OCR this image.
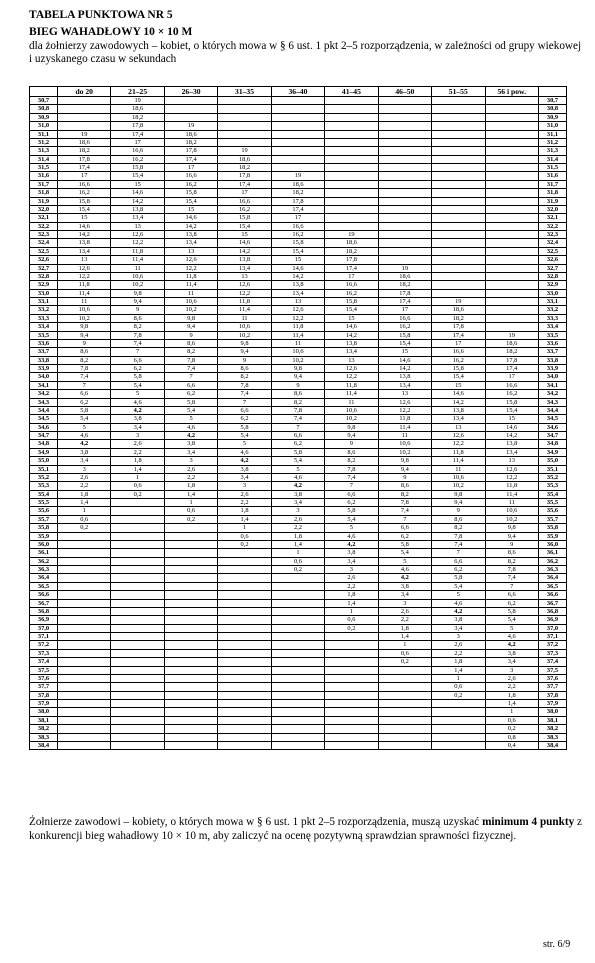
TABELA PUNKTOWA NR 5
BIEG WAHADŁOWY 10 × 10 M
dla żołnierzy zawodowych – kobiet, o których mowa w § 6 ust. 1 pkt 2–5 rozporządzenia, w zależności od grupy wiekowej i uzyskanego czasu w sekundach
	do 20	21–25	26–30	31–35	36–40	41–45	46–50	51–55	56 i pow.	
30,7		19								30,7
30,8		18,6								30,8
30,9		18,2								30,9
31,0		17,8	19							31,0
31,1	19	17,4	18,6							31,1
31,2	18,6	17	18,2							31,2
31,3	18,2	16,6	17,8	19						31,3
31,4	17,8	16,2	17,4	18,6						31,4
31,5	17,4	15,8	17	18,2						31,5
31,6	17	15,4	16,6	17,8	19					31,6
31,7	16,6	15	16,2	17,4	18,6					31,7
31,8	16,2	14,6	15,8	17	18,2					31,8
31,9	15,8	14,2	15,4	16,6	17,8					31,9
32,0	15,4	13,8	15	16,2	17,4					32,0
32,1	15	13,4	14,6	15,8	17					32,1
32,2	14,6	13	14,2	15,4	16,6					32,2
32,3	14,2	12,6	13,8	15	16,2	19				32,3
32,4	13,8	12,2	13,4	14,6	15,8	18,6				32,4
32,5	13,4	11,8	13	14,2	15,4	18,2				32,5
32,6	13	11,4	12,6	13,8	15	17,8				32,6
32,7	12,6	11	12,2	13,4	14,6	17,4	19			32,7
32,8	12,2	10,6	11,8	13	14,2	17	18,6			32,8
32,9	11,8	10,2	11,4	12,6	13,8	16,6	18,2			32,9
33,0	11,4	9,8	11	12,2	13,4	16,2	17,8			33,0
33,1	11	9,4	10,6	11,8	13	15,8	17,4	19		33,1
33,2	10,6	9	10,2	11,4	12,6	15,4	17	18,6		33,2
33,3	10,2	8,6	9,8	11	12,2	15	16,6	18,2		33,3
33,4	9,8	8,2	9,4	10,6	11,8	14,6	16,2	17,8		33,4
33,5	9,4	7,8	9	10,2	11,4	14,2	15,8	17,4	19	33,5
33,6	9	7,4	8,6	9,8	11	13,8	15,4	17	18,6	33,6
33,7	8,6	7	8,2	9,4	10,6	13,4	15	16,6	18,2	33,7
33,8	8,2	6,6	7,8	9	10,2	13	14,6	16,2	17,8	33,8
33,9	7,8	6,2	7,4	8,6	9,8	12,6	14,2	15,8	17,4	33,9
34,0	7,4	5,8	7	8,2	9,4	12,2	13,8	15,4	17	34,0
34,1	7	5,4	6,6	7,8	9	11,8	13,4	15	16,6	34,1
34,2	6,6	5	6,2	7,4	8,6	11,4	13	14,6	16,2	34,2
34,3	6,2	4,6	5,8	7	8,2	11	12,6	14,2	15,8	34,3
34,4	5,8	4,2	5,4	6,6	7,8	10,6	12,2	13,8	15,4	34,4
34,5	5,4	3,8	5	6,2	7,4	10,2	11,8	13,4	15	34,5
34,6	5	3,4	4,6	5,8	7	9,8	11,4	13	14,6	34,6
34,7	4,6	3	4,2	5,4	6,6	9,4	11	12,6	14,2	34,7
34,8	4,2	2,6	3,8	5	6,2	9	10,6	12,2	13,8	34,8
34,9	3,8	2,2	3,4	4,6	5,8	8,6	10,2	11,8	13,4	34,9
35,0	3,4	1,8	3	4,2	5,4	8,2	9,8	11,4	13	35,0
35,1	3	1,4	2,6	3,8	5	7,8	9,4	11	12,6	35,1
35,2	2,6	1	2,2	3,4	4,6	7,4	9	10,6	12,2	35,2
35,3	2,2	0,6	1,8	3	4,2	7	8,6	10,2	11,8	35,3
35,4	1,8	0,2	1,4	2,6	3,8	6,6	8,2	9,8	11,4	35,4
35,5	1,4		1	2,2	3,4	6,2	7,8	9,4	11	35,5
35,6	1		0,6	1,8	3	5,8	7,4	9	10,6	35,6
35,7	0,6		0,2	1,4	2,6	5,4	7	8,6	10,2	35,7
35,8	0,2			1	2,2	5	6,6	8,2	9,8	35,8
35,9				0,6	1,8	4,6	6,2	7,8	9,4	35,9
36,0				0,2	1,4	4,2	5,8	7,4	9	36,0
36,1					1	3,8	5,4	7	8,6	36,1
36,2					0,6	3,4	5	6,6	8,2	36,2
36,3					0,2	3	4,6	6,2	7,8	36,3
36,4						2,6	4,2	5,8	7,4	36,4
36,5						2,2	3,8	5,4	7	36,5
36,6						1,8	3,4	5	6,6	36,6
36,7						1,4	3	4,6	6,2	36,7
36,8						1	2,6	4,2	5,8	36,8
36,9						0,6	2,2	3,8	5,4	36,9
37,0						0,2	1,8	3,4	5	37,0
37,1							1,4	3	4,6	37,1
37,2							1	2,6	4,2	37,2
37,3							0,6	2,2	3,8	37,3
37,4							0,2	1,8	3,4	37,4
37,5								1,4	3	37,5
37,6								1	2,6	37,6
37,7								0,6	2,2	37,7
37,8								0,2	1,8	37,8
37,9									1,4	37,9
38,0									1	38,0
38,1									0,6	38,1
38,2									0,2	38,2
38,3									0,8	38,3
38,4									0,4	38,4
Żołnierze zawodowi – kobiety, o których mowa w § 6 ust. 1 pkt 2–5 rozporządzenia, muszą uzyskać minimum 4 punkty z konkurencji bieg wahadłowy 10 × 10 m, aby zaliczyć na ocenę pozytywną sprawdzian sprawności fizycznej.
str. 6/9
